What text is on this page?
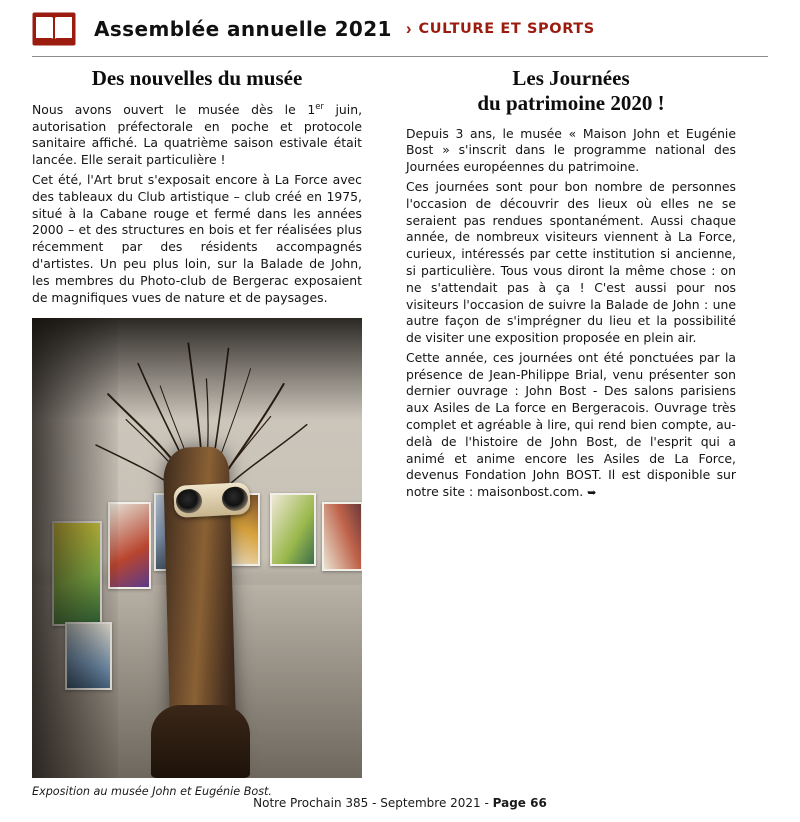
Assemblée annuelle 2021 › CULTURE ET SPORTS
Des nouvelles du musée

Nous avons ouvert le musée dès le 1er juin, autorisation préfectorale en poche et protocole sanitaire affiché. La quatrième saison estivale était lancée. Elle serait particulière !

Cet été, l'Art brut s'exposait encore à La Force avec des tableaux du Club artistique – club créé en 1975, situé à la Cabane rouge et fermé dans les années 2000 – et des structures en bois et fer réalisées plus récemment par des résidents accompagnés d'artistes. Un peu plus loin, sur la Balade de John, les membres du Photo-club de Bergerac exposaient de magnifiques vues de nature et de paysages.

Exposition au musée John et Eugénie Bost.
Les Journées
du patrimoine 2020 !

Depuis 3 ans, le musée « Maison John et Eugénie Bost » s'inscrit dans le programme national des Journées européennes du patrimoine.

Ces journées sont pour bon nombre de personnes l'occasion de découvrir des lieux où elles ne se seraient pas rendues spontanément. Aussi chaque année, de nombreux visiteurs viennent à La Force, curieux, intéressés par cette institution si ancienne, si particulière. Tous vous diront la même chose : on ne s'attendait pas à ça ! C'est aussi pour nos visiteurs l'occasion de suivre la Balade de John : une autre façon de s'imprégner du lieu et la possibilité de visiter une exposition proposée en plein air.

Cette année, ces journées ont été ponctuées par la présence de Jean-Philippe Brial, venu présenter son dernier ouvrage : John Bost - Des salons parisiens aux Asiles de La force en Bergeracois. Ouvrage très complet et agréable à lire, qui rend bien compte, au-delà de l'histoire de John Bost, de l'esprit qui a animé et anime encore les Asiles de La Force, devenus Fondation John BOST. Il est disponible sur notre site : maisonbost.com. ➥

Notre Prochain 385 - Septembre 2021 - Page 66
